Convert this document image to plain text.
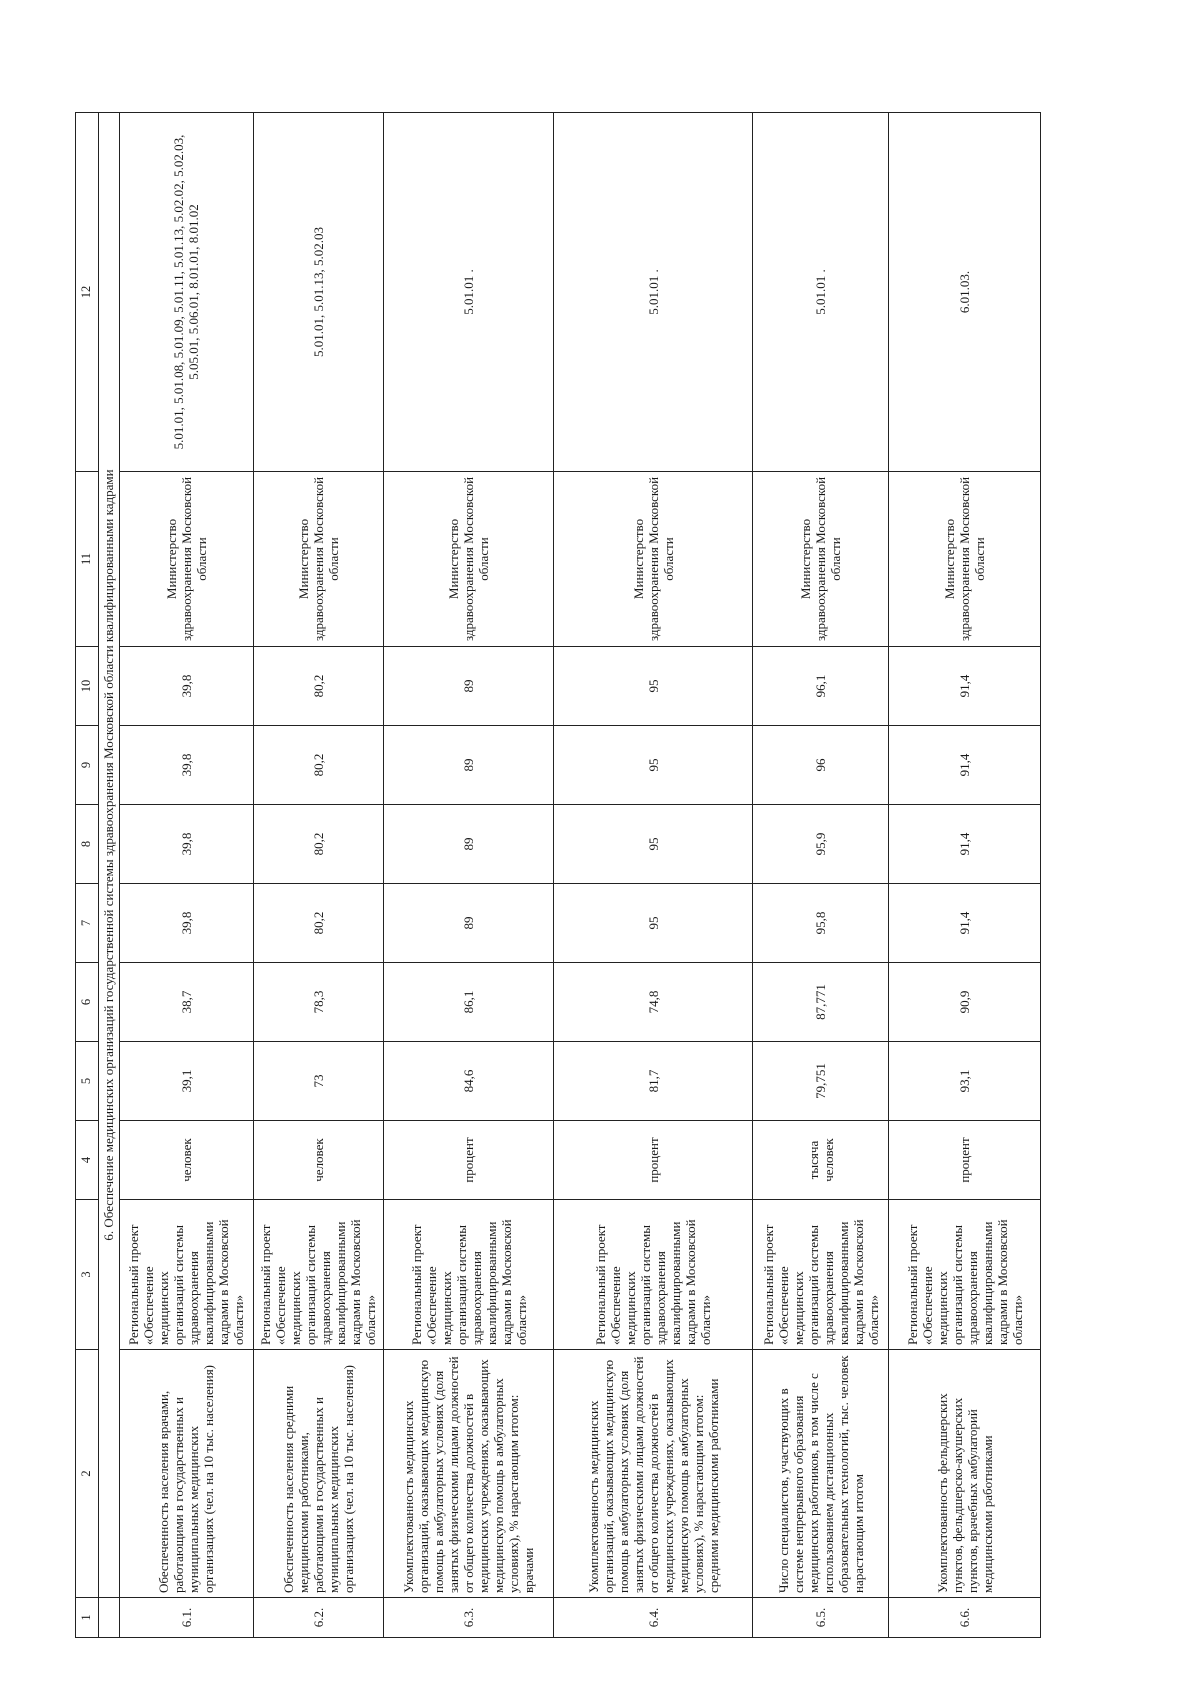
1	2	3	4	5	6	7	8	9	10	11	12
	6. Обеспечение медицинских организаций государственной системы здравоохранения Московской области квалифицированными кадрами										
6.1.	Обеспеченность населения врачами, работающими в государственных и муниципальных медицинских организациях (чел. на 10 тыс. населения)	Региональный проект «Обеспечение медицинских организаций системы здравоохранения квалифицированными кадрами в Московской области»	человек	39,1	38,7	39,8	39,8	39,8	39,8	Министерство здравоохранения Московской области	5.01.01, 5.01.08, 5.01.09, 5.01.11, 5.01.13, 5.02.02, 5.02.03, 5.05.01, 5.06.01, 8.01.01, 8.01.02
6.2.	Обеспеченность населения средними медицинскими работниками, работающими в государственных и муниципальных медицинских организациях (чел. на 10 тыс. населения)	Региональный проект «Обеспечение медицинских организаций системы здравоохранения квалифицированными кадрами в Московской области»	человек	73	78,3	80,2	80,2	80,2	80,2	Министерство здравоохранения Московской области	5.01.01, 5.01.13, 5.02.03
6.3.	Укомплектованность медицинских организаций, оказывающих медицинскую помощь в амбулаторных условиях (доля занятых физическими лицами должностей от общего количества должностей в медицинских учреждениях, оказывающих медицинскую помощь в амбулаторных условиях), % нарастающим итогом: врачами	Региональный проект «Обеспечение медицинских организаций системы здравоохранения квалифицированными кадрами в Московской области»	процент	84,6	86,1	89	89	89	89	Министерство здравоохранения Московской области	5.01.01 .
6.4.	Укомплектованность медицинских организаций, оказывающих медицинскую помощь в амбулаторных условиях (доля занятых физическими лицами должностей от общего количества должностей в медицинских учреждениях, оказывающих медицинскую помощь в амбулаторных условиях), % нарастающим итогом: средними медицинскими работниками	Региональный проект «Обеспечение медицинских организаций системы здравоохранения квалифицированными кадрами в Московской области»	процент	81,7	74,8	95	95	95	95	Министерство здравоохранения Московской области	5.01.01 .
6.5.	Число специалистов, участвующих в системе непрерывного образования медицинских работников, в том числе с использованием дистанционных образовательных технологий, тыс. человек нарастающим итогом	Региональный проект «Обеспечение медицинских организаций системы здравоохранения квалифицированными кадрами в Московской области»	тысяча человек	79,751	87,771	95,8	95,9	96	96,1	Министерство здравоохранения Московской области	5.01.01 .
6.6.	Укомплектованность фельдшерских пунктов, фельдшерско-акушерских пунктов, врачебных амбулаторий медицинскими работниками	Региональный проект «Обеспечение медицинских организаций системы здравоохранения квалифицированными кадрами в Московской области»	процент	93,1	90,9	91,4	91,4	91,4	91,4	Министерство здравоохранения Московской области	6.01.03.
